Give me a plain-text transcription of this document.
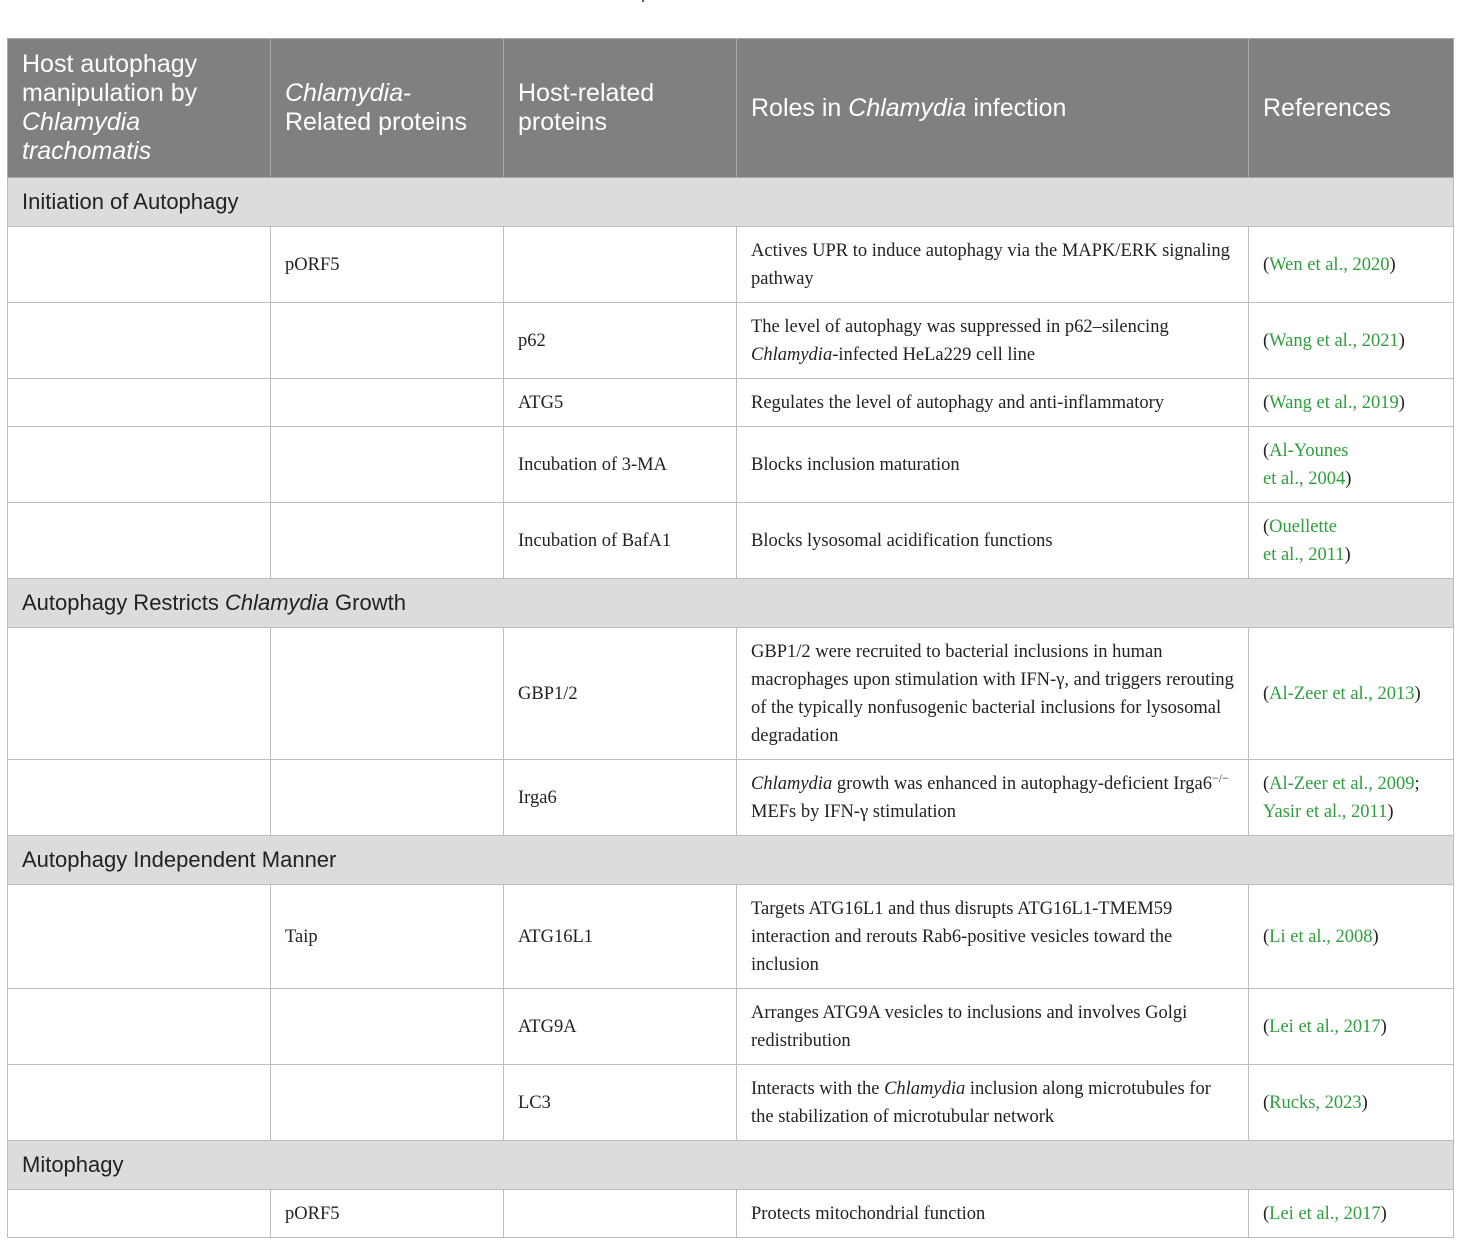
Host autophagy manipulation by Chlamydia trachomatis	Chlamydia-Related proteins	Host-related proteins	Roles in Chlamydia infection	References
Initiation of Autophagy				
	pORF5		Actives UPR to induce autophagy via the MAPK/ERK signaling pathway	(Wen et al., 2020)
		p62	The level of autophagy was suppressed in p62–silencing Chlamydia-infected HeLa229 cell line	(Wang et al., 2021)
		ATG5	Regulates the level of autophagy and anti-inflammatory	(Wang et al., 2019)
		Incubation of 3-MA	Blocks inclusion maturation	(Al-Younes
et al., 2004)
		Incubation of BafA1	Blocks lysosomal acidification functions	(Ouellette
et al., 2011)
Autophagy Restricts Chlamydia Growth				
		GBP1/2	GBP1/2 were recruited to bacterial inclusions in human macrophages upon stimulation with IFN-γ, and triggers rerouting of the typically nonfusogenic bacterial inclusions for lysosomal degradation	(Al-Zeer et al., 2013)
		Irga6	Chlamydia growth was enhanced in autophagy-deficient Irga6−/− MEFs by IFN-γ stimulation	(Al-Zeer et al., 2009;
Yasir et al., 2011)
Autophagy Independent Manner				
	Taip	ATG16L1	Targets ATG16L1 and thus disrupts ATG16L1-TMEM59 interaction and rerouts Rab6-positive vesicles toward the inclusion	(Li et al., 2008)
		ATG9A	Arranges ATG9A vesicles to inclusions and involves Golgi redistribution	(Lei et al., 2017)
		LC3	Interacts with the Chlamydia inclusion along microtubules for the stabilization of microtubular network	(Rucks, 2023)
Mitophagy				
	pORF5		Protects mitochondrial function	(Lei et al., 2017)
